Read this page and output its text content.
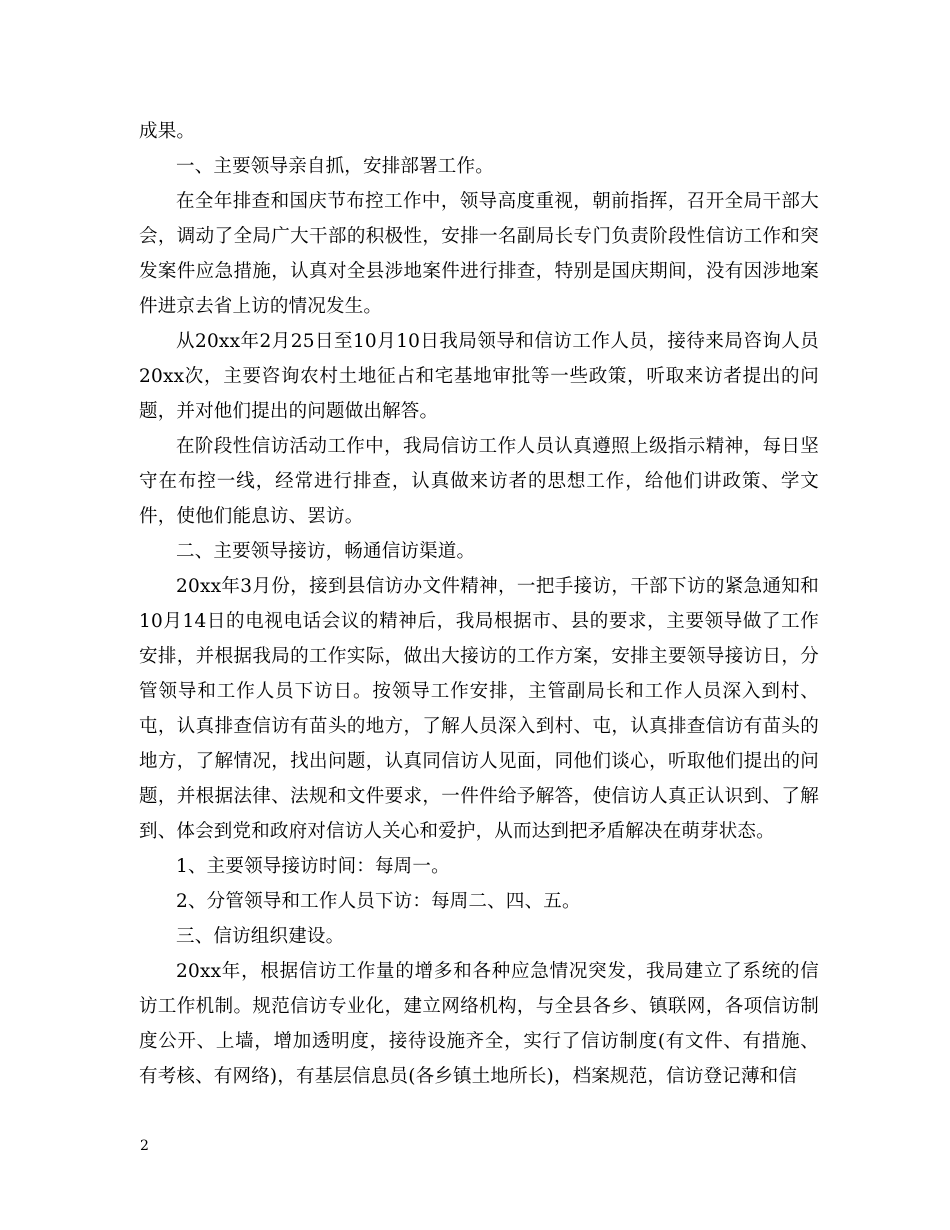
成果。

一、主要领导亲自抓，安排部署工作。

在全年排查和国庆节布控工作中，领导高度重视，朝前指挥，召开全局干部大会，调动了全局广大干部的积极性，安排一名副局长专门负责阶段性信访工作和突发案件应急措施，认真对全县涉地案件进行排查，特别是国庆期间，没有因涉地案件进京去省上访的情况发生。

从20xx年2月25日至10月10日我局领导和信访工作人员，接待来局咨询人员20xx次，主要咨询农村土地征占和宅基地审批等一些政策，听取来访者提出的问题，并对他们提出的问题做出解答。

在阶段性信访活动工作中，我局信访工作人员认真遵照上级指示精神，每日坚守在布控一线，经常进行排查，认真做来访者的思想工作，给他们讲政策、学文件，使他们能息访、罢访。

二、主要领导接访，畅通信访渠道。

20xx年3月份，接到县信访办文件精神，一把手接访，干部下访的紧急通知和10月14日的电视电话会议的精神后，我局根据市、县的要求，主要领导做了工作安排，并根据我局的工作实际，做出大接访的工作方案，安排主要领导接访日，分管领导和工作人员下访日。按领导工作安排，主管副局长和工作人员深入到村、屯，认真排查信访有苗头的地方，了解人员深入到村、屯，认真排查信访有苗头的地方，了解情况，找出问题，认真同信访人见面，同他们谈心，听取他们提出的问题，并根据法律、法规和文件要求，一件件给予解答，使信访人真正认识到、了解到、体会到党和政府对信访人关心和爱护，从而达到把矛盾解决在萌芽状态。

1、主要领导接访时间：每周一。

2、分管领导和工作人员下访：每周二、四、五。

三、信访组织建设。

20xx年，根据信访工作量的增多和各种应急情况突发，我局建立了系统的信访工作机制。规范信访专业化，建立网络机构，与全县各乡、镇联网，各项信访制度公开、上墙，增加透明度，接待设施齐全，实行了信访制度(有文件、有措施、有考核、有网络)，有基层信息员(各乡镇土地所长)，档案规范，信访登记薄和信

2
